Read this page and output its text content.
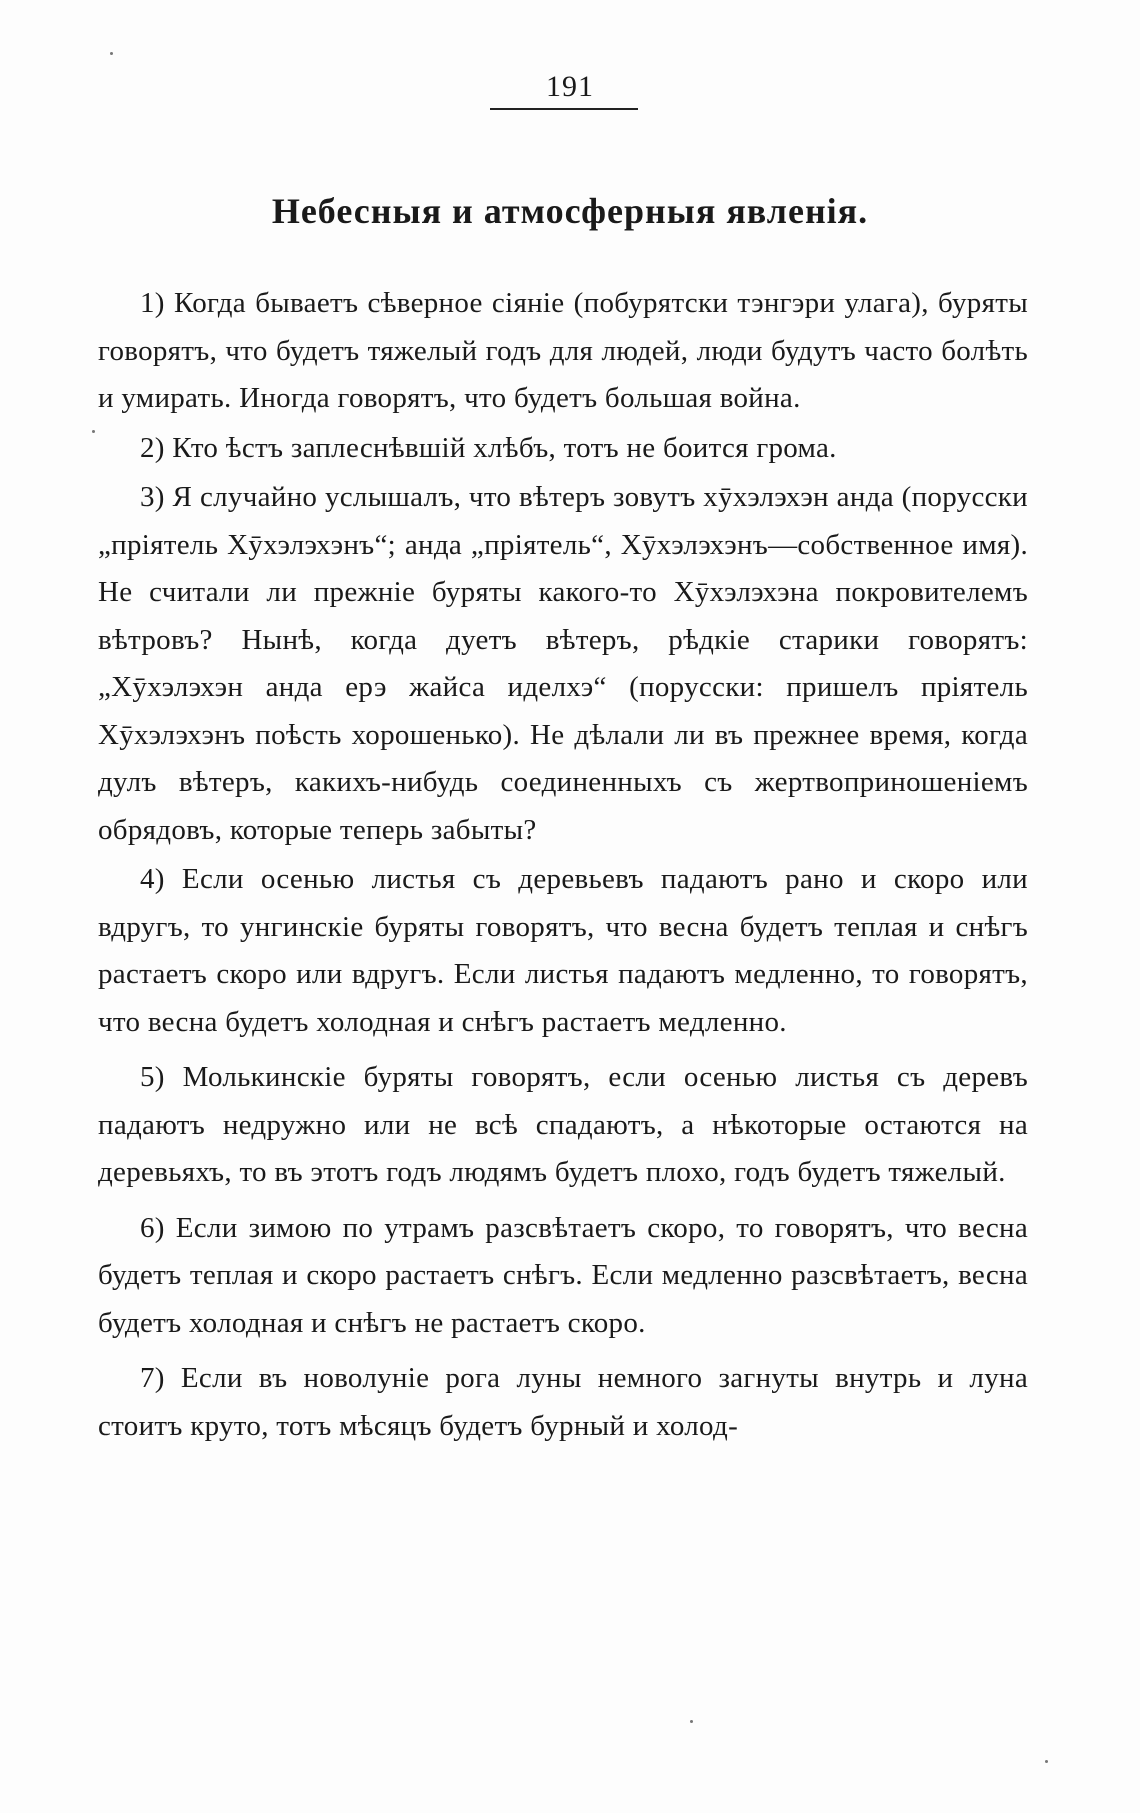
191
Небесныя и атмосферныя явленія.

1) Когда бываетъ сѣверное сіяніе (побурятски тэнгэри улага), буряты говорятъ, что будетъ тяжелый годъ для людей, люди будутъ часто болѣть и умирать. Иногда говорятъ, что будетъ большая война.

2) Кто ѣстъ заплеснѣвшій хлѣбъ, тотъ не боится грома.

3) Я случайно услышалъ, что вѣтеръ зовутъ хӯхэлэхэн анда (порусски „пріятель Хӯхэлэхэнъ“; анда „пріятель“, Хӯхэлэхэнъ—собственное имя). Не считали ли прежніе буряты какого-то Хӯхэлэхэна покровителемъ вѣтровъ? Нынѣ, когда дуетъ вѣтеръ, рѣдкіе старики говорятъ: „Хӯхэлэхэн анда ерэ жайса иделхэ“ (порусски: пришелъ пріятель Хӯхэлэхэнъ поѣсть хорошенько). Не дѣлали ли въ прежнее время, когда дулъ вѣтеръ, какихъ-нибудь соединенныхъ съ жертвоприношеніемъ обрядовъ, которые теперь забыты?

4) Если осенью листья съ деревьевъ падаютъ рано и скоро или вдругъ, то унгинскіе буряты говорятъ, что весна будетъ теплая и снѣгъ растаетъ скоро или вдругъ. Если листья падаютъ медленно, то говорятъ, что весна будетъ холодная и снѣгъ растаетъ медленно.

5) Молькинскіе буряты говорятъ, если осенью листья съ деревъ падаютъ недружно или не всѣ спадаютъ, а нѣкоторые остаются на деревьяхъ, то въ этотъ годъ людямъ будетъ плохо, годъ будетъ тяжелый.

6) Если зимою по утрамъ разсвѣтаетъ скоро, то говорятъ, что весна будетъ теплая и скоро растаетъ снѣгъ. Если медленно разсвѣтаетъ, весна будетъ холодная и снѣгъ не растаетъ скоро.

7) Если въ новолуніе рога луны немного загнуты внутрь и луна стоитъ круто, тотъ мѣсяцъ будетъ бурный и холод-
